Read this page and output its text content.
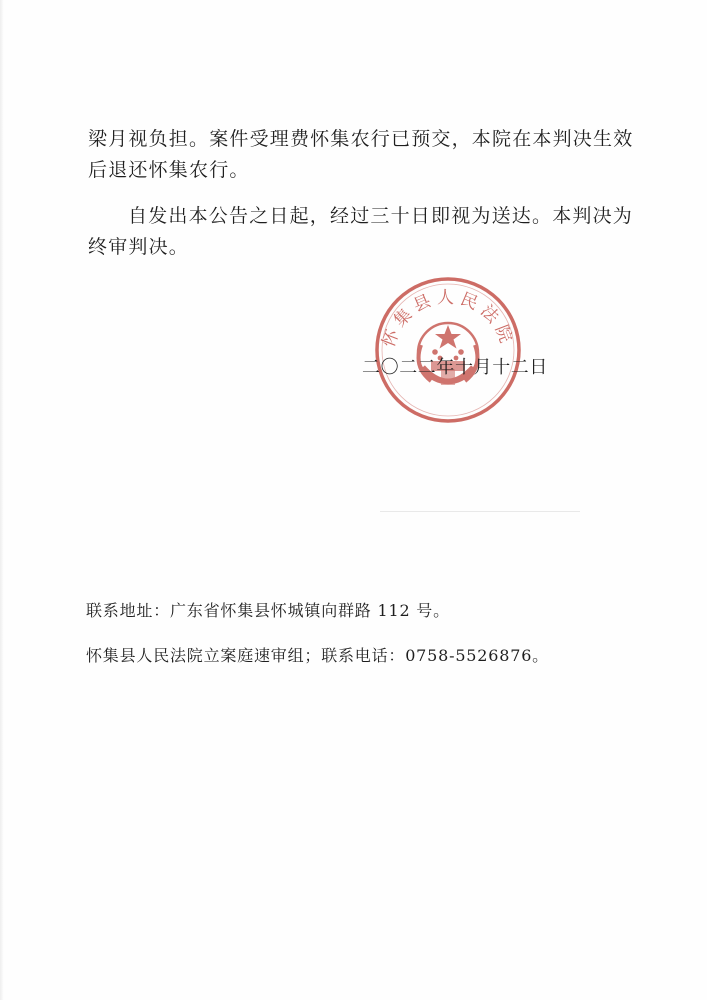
梁月视负担。案件受理费怀集农行已预交，本院在本判决生效后退还怀集农行。

自发出本公告之日起，经过三十日即视为送达。本判决为终审判决。

怀集县人民法院
二〇二二年十月十二日
联系地址：广东省怀集县怀城镇向群路 112 号。
怀集县人民法院立案庭速审组；联系电话：0758-5526876。
